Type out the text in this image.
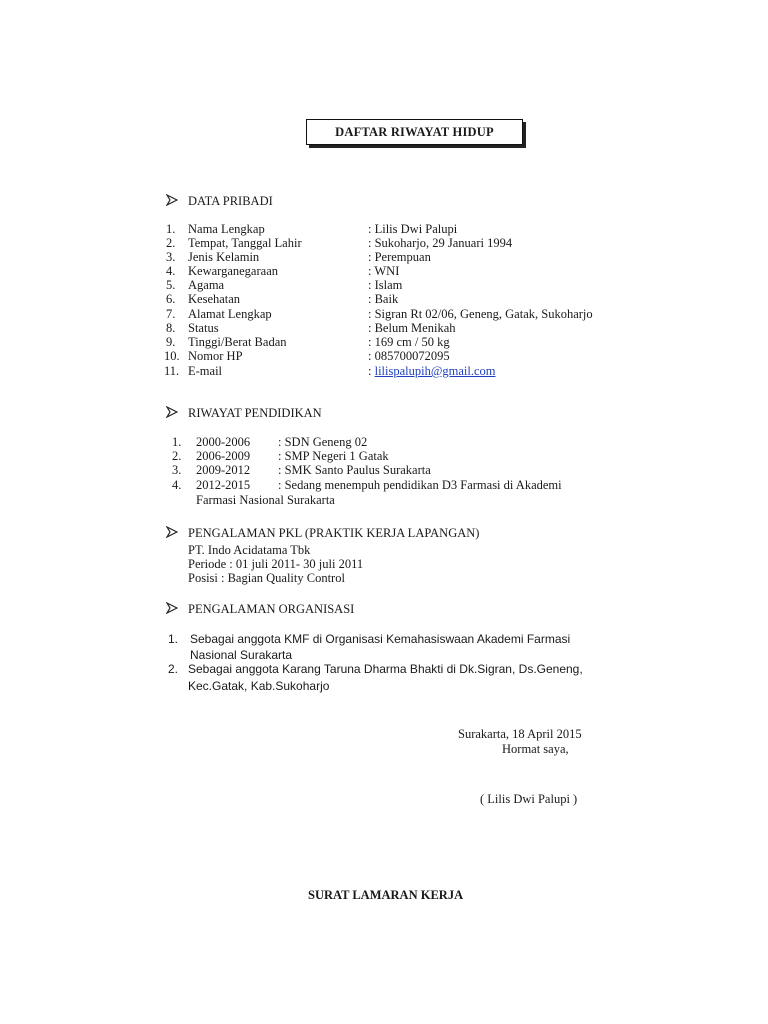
DAFTAR RIWAYAT HIDUP
DATA PRIBADI
1. Nama Lengkap	: Lilis Dwi Palupi
2. Tempat, Tanggal Lahir	: Sukoharjo, 29 Januari 1994
3. Jenis Kelamin	: Perempuan
4. Kewarganegaraan	: WNI
5. Agama	: Islam
6. Kesehatan	: Baik
7. Alamat Lengkap	: Sigran Rt 02/06, Geneng, Gatak, Sukoharjo
8. Status	: Belum Menikah
9. Tinggi/Berat Badan	: 169 cm / 50 kg
10. Nomor HP	: 085700072095
11. E-mail	: lilispalupih@gmail.com
RIWAYAT PENDIDIKAN
1. 2000-2006 : SDN Geneng 02
2. 2006-2009 : SMP Negeri 1 Gatak
3. 2009-2012 : SMK Santo Paulus Surakarta
4. 2012-2015 : Sedang menempuh pendidikan D3 Farmasi di Akademi
Farmasi Nasional Surakarta
PENGALAMAN PKL (PRAKTIK KERJA LAPANGAN)
PT. Indo Acidatama Tbk
Periode : 01 juli 2011- 30 juli 2011
Posisi : Bagian Quality Control
PENGALAMAN ORGANISASI
1. Sebagai anggota KMF di Organisasi Kemahasiswaan Akademi Farmasi
Nasional Surakarta
2. Sebagai anggota Karang Taruna Dharma Bhakti di Dk.Sigran, Ds.Geneng,
Kec.Gatak, Kab.Sukoharjo
Surakarta, 18 April 2015
Hormat saya,
( Lilis Dwi Palupi )
SURAT LAMARAN KERJA
